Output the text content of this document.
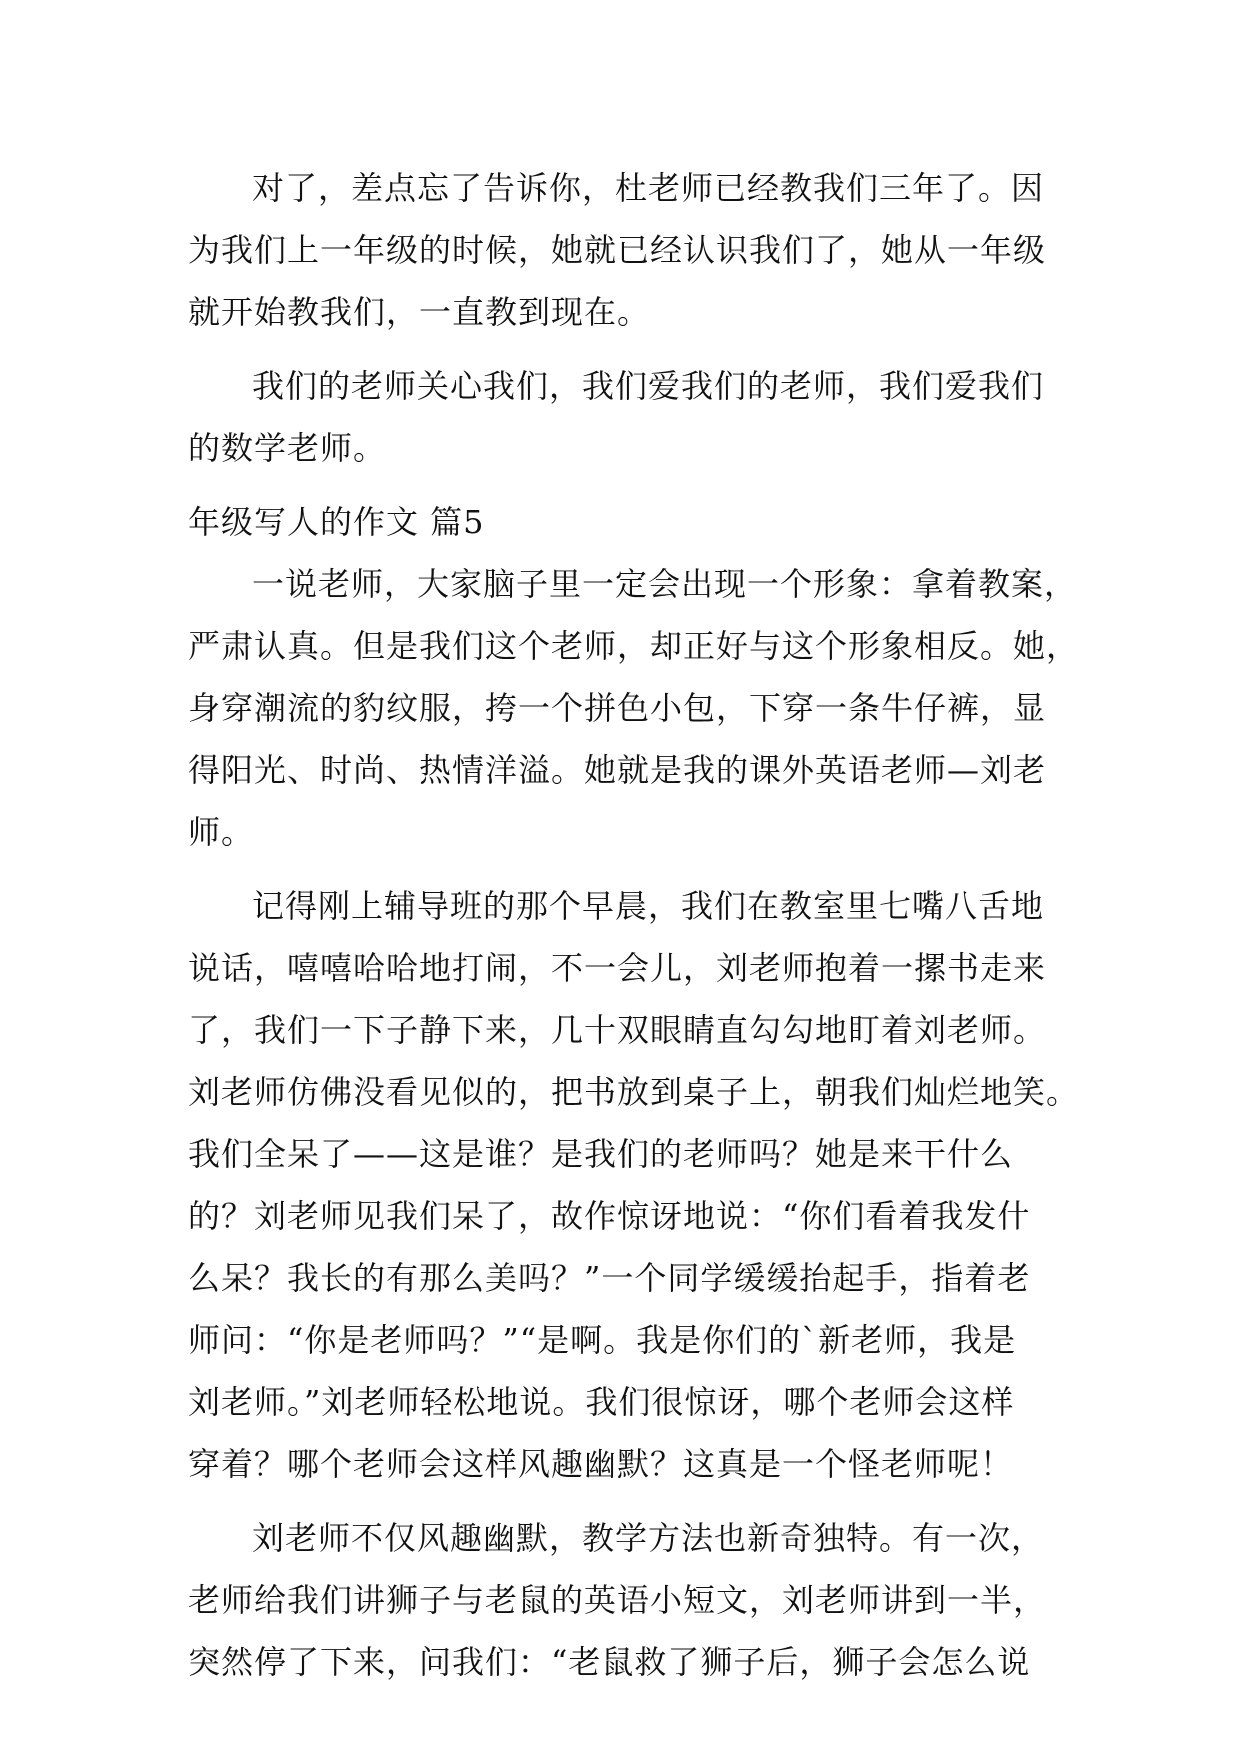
对了，差点忘了告诉你，杜老师已经教我们三年了。因
为我们上一年级的时候，她就已经认识我们了，她从一年级
就开始教我们，一直教到现在。

我们的老师关心我们，我们爱我们的老师，我们爱我们
的数学老师。

年级写人的作文 篇5

一说老师，大家脑子里一定会出现一个形象：拿着教案，
严肃认真。但是我们这个老师，却正好与这个形象相反。她，
身穿潮流的豹纹服，挎一个拼色小包，下穿一条牛仔裤，显
得阳光、时尚、热情洋溢。她就是我的课外英语老师—刘老
师。

记得刚上辅导班的那个早晨，我们在教室里七嘴八舌地
说话，嘻嘻哈哈地打闹，不一会儿，刘老师抱着一摞书走来
了，我们一下子静下来，几十双眼睛直勾勾地盯着刘老师。
刘老师仿佛没看见似的，把书放到桌子上，朝我们灿烂地笑。
我们全呆了——这是谁？是我们的老师吗？她是来干什么
的？刘老师见我们呆了，故作惊讶地说：“你们看着我发什
么呆？我长的有那么美吗？”一个同学缓缓抬起手，指着老
师问：“你是老师吗？”“是啊。我是你们的`新老师，我是
刘老师。”刘老师轻松地说。我们很惊讶，哪个老师会这样
穿着？哪个老师会这样风趣幽默？这真是一个怪老师呢！

刘老师不仅风趣幽默，教学方法也新奇独特。有一次，
老师给我们讲狮子与老鼠的英语小短文，刘老师讲到一半，
突然停了下来，问我们：“老鼠救了狮子后，狮子会怎么说
